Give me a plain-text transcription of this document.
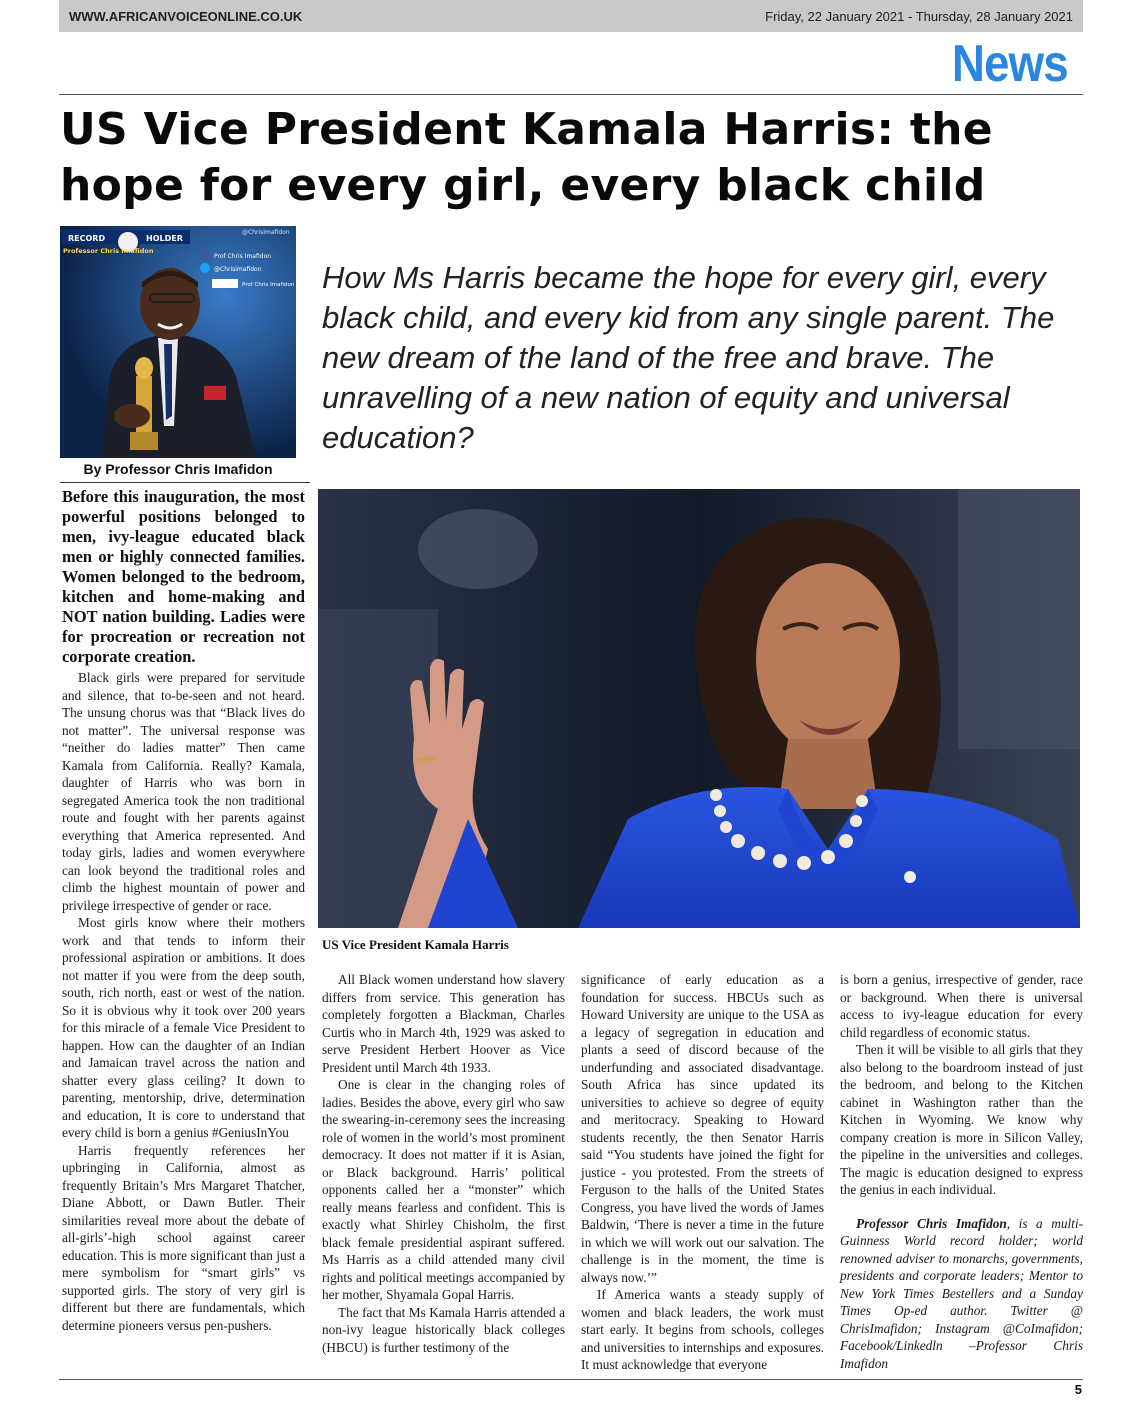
WWW.AFRICANVOICEONLINE.CO.UK	Friday, 22 January 2021 - Thursday, 28 January 2021
News
US Vice President Kamala Harris: the hope for every girl, every black child
RECORD	HOLDER
Professor Chris Imafidon
@ChrisImafidon
Prof Chris Imafidon
@Chrisimafidon
Prof Chris Imafidon
By Professor Chris Imafidon

How Ms Harris became the hope for every girl, every black child, and every kid from any single parent. The new dream of the land of the free and brave. The unravelling of a new nation of equity and universal education?

US Vice President Kamala Harris

Before this inauguration, the most powerful positions belonged to men, ivy-league educated black men or highly connected families. Women belonged to the bedroom, kitchen and home-making and NOT nation building. Ladies were for procreation or recreation not corporate creation.

Black girls were prepared for servitude and silence, that to-be-seen and not heard. The unsung chorus was that “Black lives do not matter”. The universal response was “neither do ladies matter” Then came Kamala from California. Really? Kamala, daughter of Harris who was born in segregated America took the non traditional route and fought with her parents against everything that America represented. And today girls, ladies and women everywhere can look beyond the traditional roles and climb the highest mountain of power and privilege irrespective of gender or race.

Most girls know where their mothers work and that tends to inform their professional aspiration or ambitions. It does not matter if you were from the deep south, south, rich north, east or west of the nation. So it is obvious why it took over 200 years for this miracle of a female Vice President to happen. How can the daughter of an Indian and Jamaican travel across the nation and shatter every glass ceiling? It down to parenting, mentorship, drive, determination and education, It is core to understand that every child is born a genius #GeniusInYou

Harris frequently references her upbringing in California, almost as frequently Britain’s Mrs Margaret Thatcher, Diane Abbott, or Dawn Butler. Their similarities reveal more about the debate of all-girls’-high school against career education. This is more significant than just a mere symbolism for “smart girls” vs supported girls. The story of very girl is different but there are fundamentals, which determine pioneers versus pen-pushers.

All Black women understand how slavery differs from service. This generation has completely forgotten a Blackman, Charles Curtis who in March 4th, 1929 was asked to serve President Herbert Hoover as Vice President until March 4th 1933.

One is clear in the changing roles of ladies. Besides the above, every girl who saw the swearing-in-ceremony sees the increasing role of women in the world’s most prominent democracy. It does not matter if it is Asian, or Black background. Harris’ political opponents called her a “monster” which really means fearless and confident. This is exactly what Shirley Chisholm, the first black female presidential aspirant suffered. Ms Harris as a child attended many civil rights and political meetings accompanied by her mother, Shyamala Gopal Harris.

The fact that Ms Kamala Harris attended a non-ivy league historically black colleges (HBCU) is further testimony of the

significance of early education as a foundation for success. HBCUs such as Howard University are unique to the USA as a legacy of segregation in education and plants a seed of discord because of the underfunding and associated disadvantage. South Africa has since updated its universities to achieve so degree of equity and meritocracy. Speaking to Howard students recently, the then Senator Harris said “You students have joined the fight for justice - you protested. From the streets of Ferguson to the halls of the United States Congress, you have lived the words of James Baldwin, ‘There is never a time in the future in which we will work out our salvation. The challenge is in the moment, the time is always now.’”

If America wants a steady supply of women and black leaders, the work must start early. It begins from schools, colleges and universities to internships and exposures. It must acknowledge that everyone

is born a genius, irrespective of gender, race or background. When there is universal access to ivy-league education for every child regardless of economic status.

Then it will be visible to all girls that they also belong to the boardroom instead of just the bedroom, and belong to the Kitchen cabinet in Washington rather than the Kitchen in Wyoming. We know why company creation is more in Silicon Valley, the pipeline in the universities and colleges. The magic is education designed to express the genius in each individual.

Professor Chris Imafidon, is a multi-Guinness World record holder; world renowned adviser to monarchs, governments, presidents and corporate leaders; Mentor to New York Times Bestellers and a Sunday Times Op-ed author. Twitter @ ChrisImafidon; Instagram @CoImafidon; Facebook/Linkedln –Professor Chris Imafidon

5
